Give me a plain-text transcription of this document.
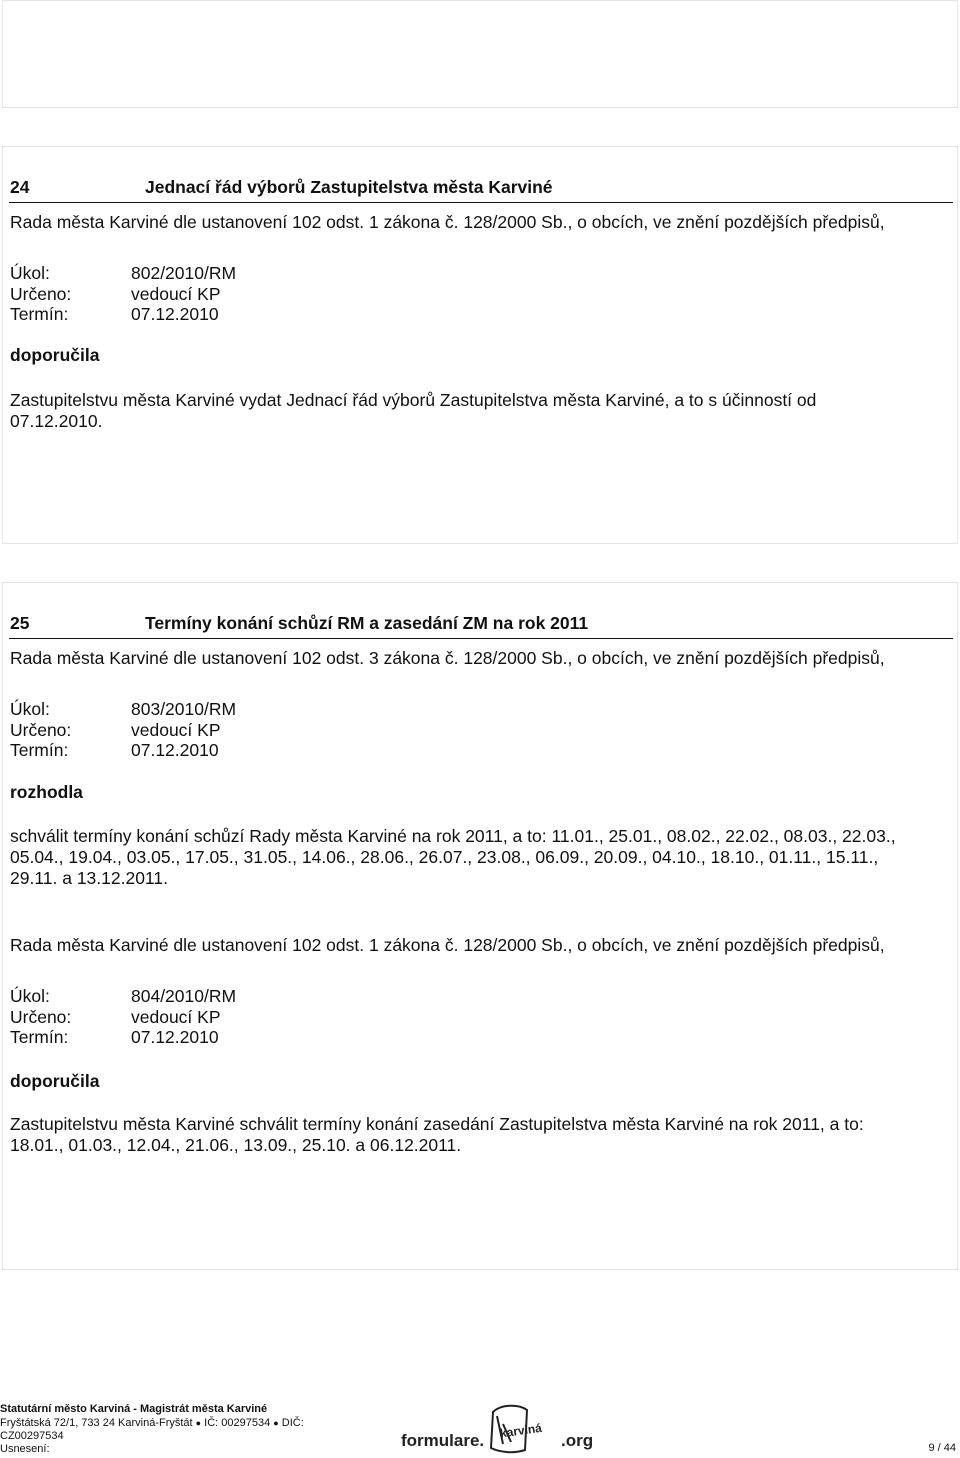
24	Jednací řád výborů Zastupitelstva města Karviné
Rada města Karviné dle ustanovení 102 odst. 1 zákona č. 128/2000 Sb., o obcích, ve znění pozdějších předpisů,
Úkol:	802/2010/RM
Určeno:	vedoucí KP
Termín:	07.12.2010
doporučila
Zastupitelstvu města Karviné vydat Jednací řád výborů Zastupitelstva města Karviné, a to s účinností od
07.12.2010.
25	Termíny konání schůzí RM a zasedání ZM na rok 2011
Rada města Karviné dle ustanovení 102 odst. 3 zákona č. 128/2000 Sb., o obcích, ve znění pozdějších předpisů,
Úkol:	803/2010/RM
Určeno:	vedoucí KP
Termín:	07.12.2010
rozhodla
schválit termíny konání schůzí Rady města Karviné na rok 2011, a to: 11.01., 25.01., 08.02., 22.02., 08.03., 22.03.,
05.04., 19.04., 03.05., 17.05., 31.05., 14.06., 28.06., 26.07., 23.08., 06.09., 20.09., 04.10., 18.10., 01.11., 15.11.,
29.11. a 13.12.2011.
Rada města Karviné dle ustanovení 102 odst. 1 zákona č. 128/2000 Sb., o obcích, ve znění pozdějších předpisů,
Úkol:	804/2010/RM
Určeno:	vedoucí KP
Termín:	07.12.2010
doporučila
Zastupitelstvu města Karviné schválit termíny konání zasedání Zastupitelstva města Karviné na rok 2011, a to:
18.01., 01.03., 12.04., 21.06., 13.09., 25.10. a 06.12.2011.
Statutární město Karviná - Magistrát města Karviné
Fryštátská 72/1, 733 24 Karviná-Fryštát ● IČ: 00297534 ● DIČ:
CZ00297534
Usnesení:	formulare.
karviná
.org	9 / 44
